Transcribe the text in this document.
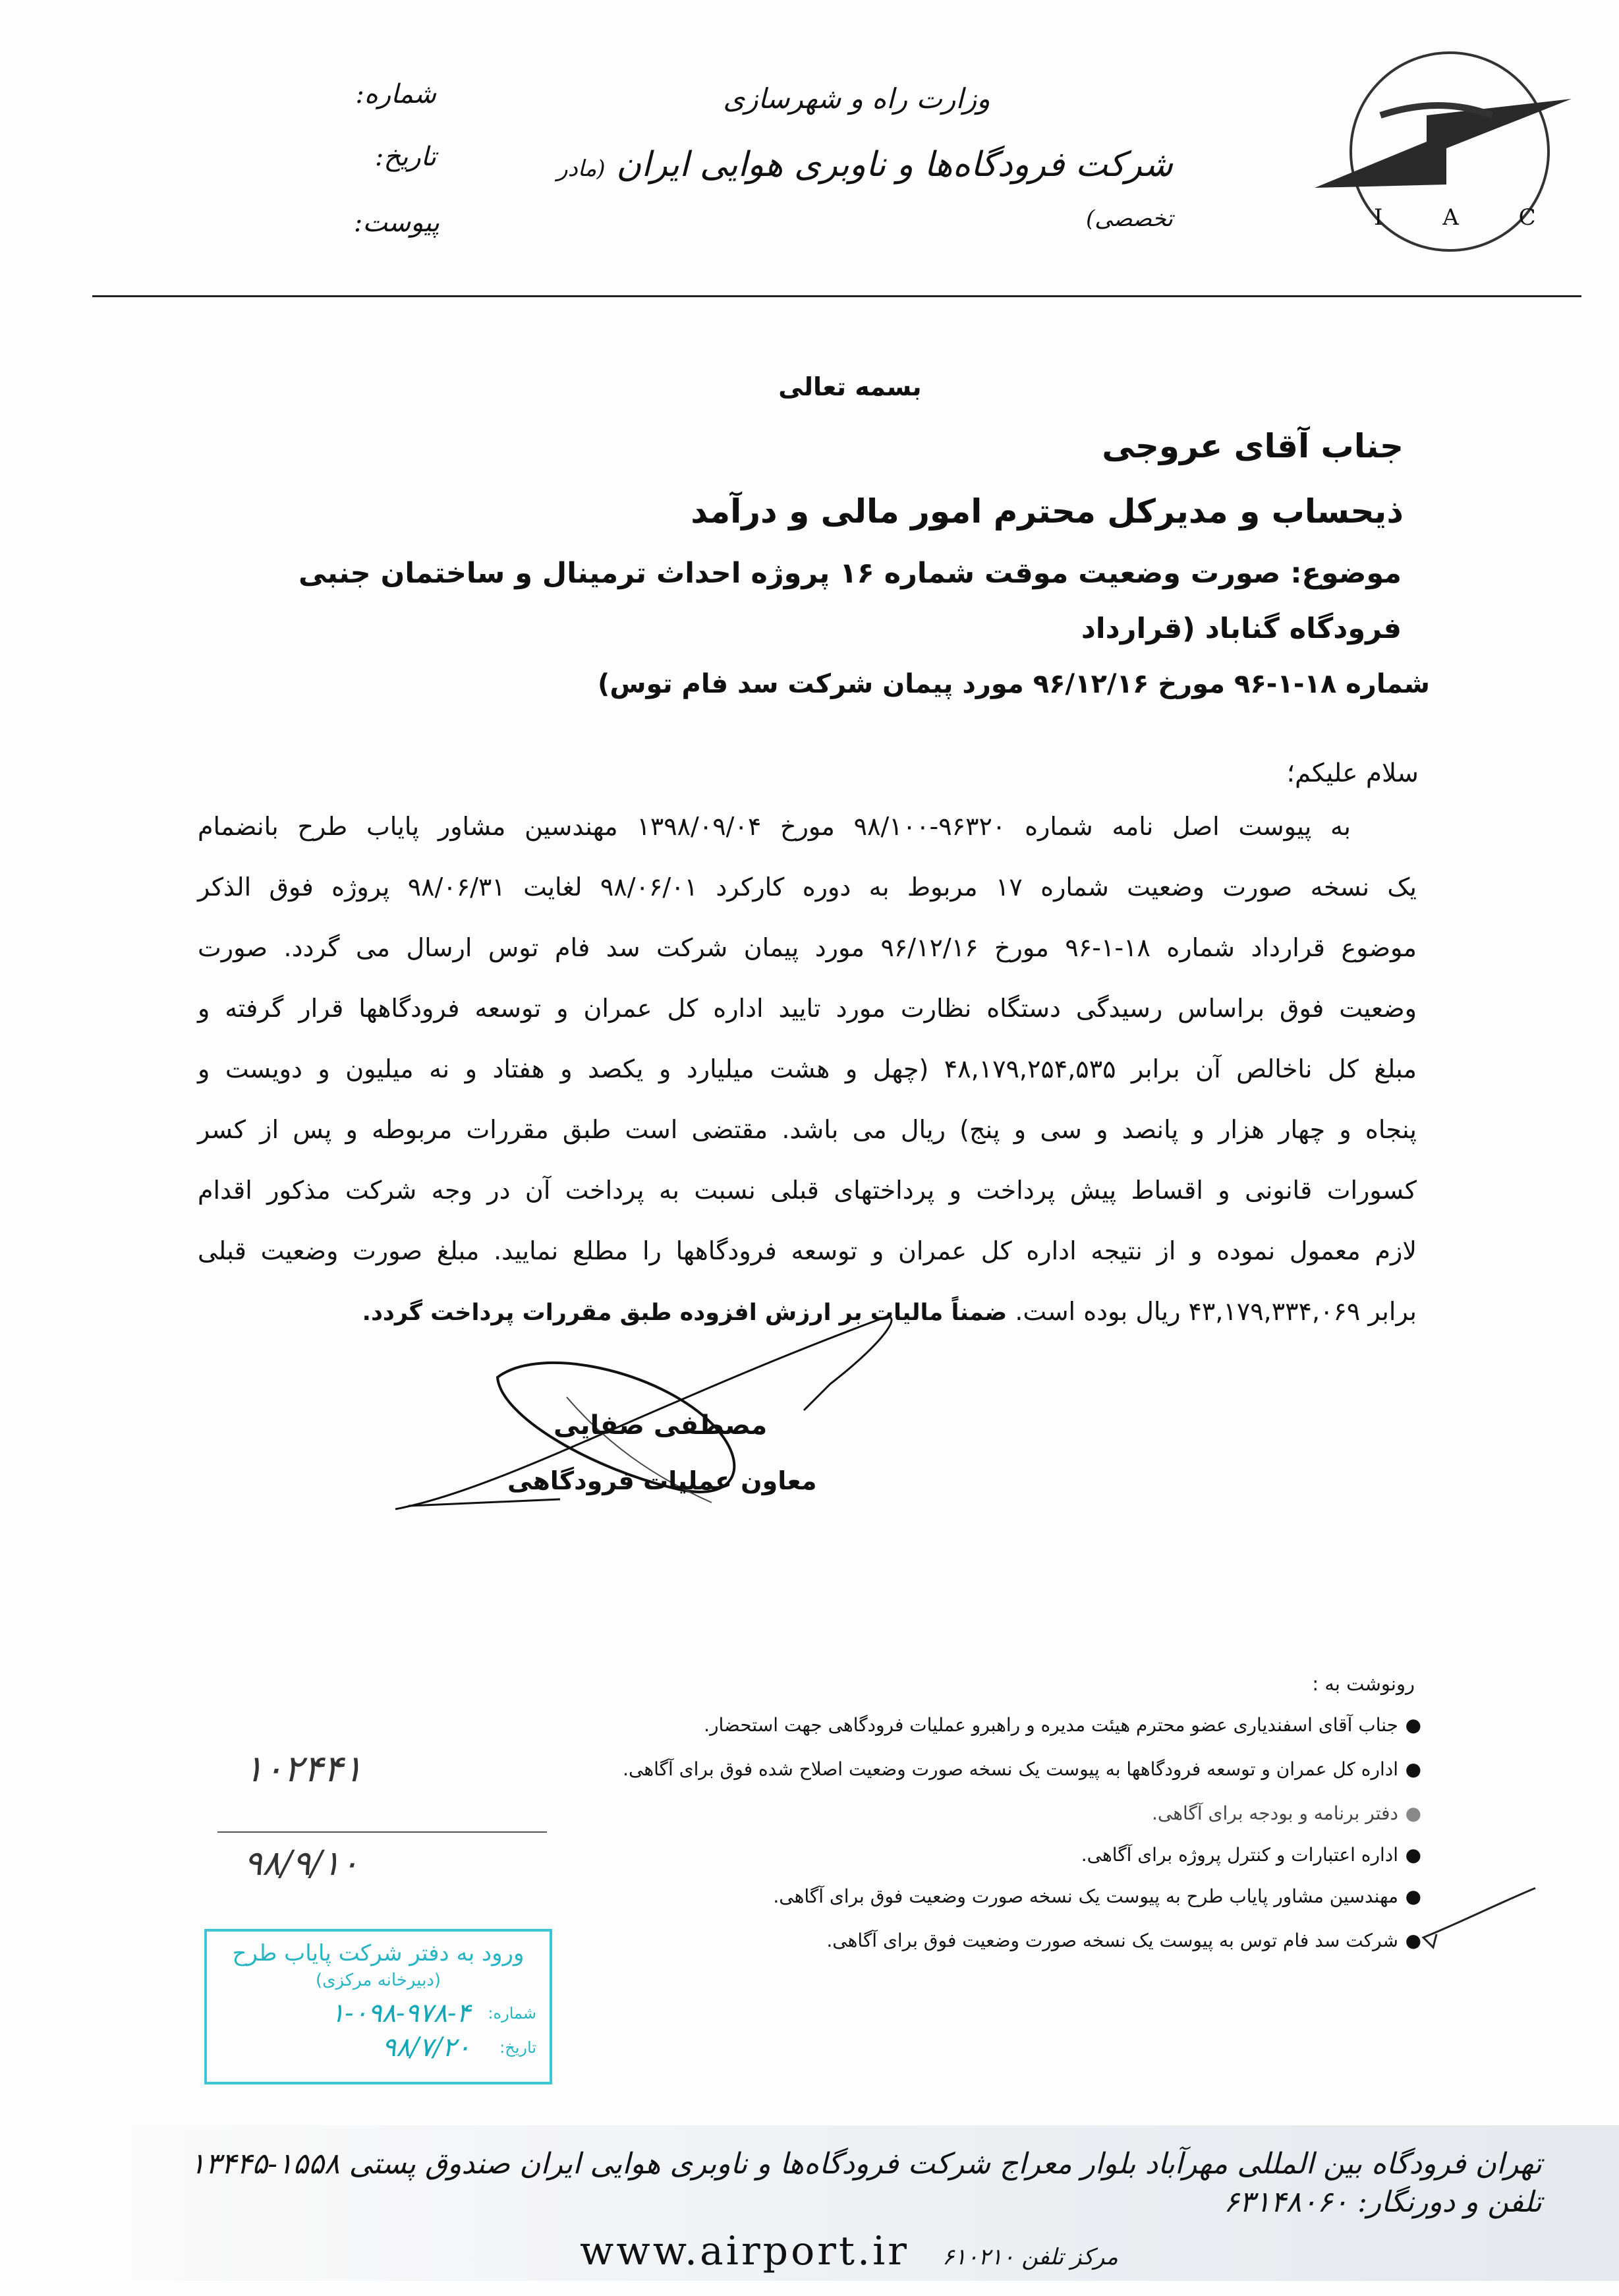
I A C
وزارت راه و شهرسازی
شرکت فرودگاه‌ها و ناوبری هوایی ایران (مادر تخصصی)
شماره:
تاریخ:
پیوست:
بسمه تعالی
جناب آقای عروجی
ذیحساب و مدیرکل محترم امور مالی و درآمد
موضوع: صورت وضعیت موقت شماره ۱۶ پروژه احداث ترمینال و ساختمان جنبی فرودگاه گناباد (قرارداد
شماره ۱۸-۱-۹۶ مورخ ۹۶/۱۲/۱۶ مورد پیمان شرکت سد فام توس)
سلام علیکم؛
به پیوست اصل نامه شماره ۹۶۳۲۰-۹۸/۱۰۰ مورخ ۱۳۹۸/۰۹/۰۴ مهندسین مشاور پایاب طرح بانضمام
یک نسخه صورت وضعیت شماره ۱۷ مربوط به دوره کارکرد ۹۸/۰۶/۰۱ لغایت ۹۸/۰۶/۳۱ پروژه فوق الذکر
موضوع قرارداد شماره ۱۸-۱-۹۶ مورخ ۹۶/۱۲/۱۶ مورد پیمان شرکت سد فام توس ارسال می گردد. صورت
وضعیت فوق براساس رسیدگی دستگاه نظارت مورد تایید اداره کل عمران و توسعه فرودگاهها قرار گرفته و
مبلغ کل ناخالص آن برابر ۴۸,۱۷۹,۲۵۴,۵۳۵ (چهل و هشت میلیارد و یکصد و هفتاد و نه میلیون و دویست و
پنجاه و چهار هزار و پانصد و سی و پنج) ریال می باشد. مقتضی است طبق مقررات مربوطه و پس از کسر
کسورات قانونی و اقساط پیش پرداخت و پرداختهای قبلی نسبت به پرداخت آن در وجه شرکت مذکور اقدام
لازم معمول نموده و از نتیجه اداره کل عمران و توسعه فرودگاهها را مطلع نمایید. مبلغ صورت وضعیت قبلی
برابر ۴۳,۱۷۹,۳۳۴,۰۶۹ ریال بوده است. ضمناً مالیات بر ارزش افزوده طبق مقررات پرداخت گردد.
مصطفی صفایی
معاون عملیات فرودگاهی
رونوشت به :
●
جناب آقای اسفندیاری عضو محترم هیئت مدیره و راهبرو عملیات فرودگاهی جهت استحضار.
●
اداره کل عمران و توسعه فرودگاهها به پیوست یک نسخه صورت وضعیت اصلاح شده فوق برای آگاهی.
●
دفتر برنامه و بودجه برای آگاهی.
●
اداره اعتبارات و کنترل پروژه برای آگاهی.
●
مهندسین مشاور پایاب طرح به پیوست یک نسخه صورت وضعیت فوق برای آگاهی.
●
شرکت سد فام توس به پیوست یک نسخه صورت وضعیت فوق برای آگاهی.
۱۰۲۴۴۱
۹۸/۹/۱۰
ورود به دفتر شرکت پایاب طرح
(دبیرخانه مرکزی)
شماره:
۱-۰۹۸-۹۷۸-۴
تاریخ:
۹۸/۷/۲۰
تهران فرودگاه بین المللی مهرآباد بلوار معراج شرکت فرودگاه‌ها و ناوبری هوایی ایران صندوق پستی ۱۵۵۸-۱۳۴۴۵ تلفن و دورنگار: ۶۳۱۴۸۰۶۰
www.airport.ir مرکز تلفن ۶۱۰۲۱۰
